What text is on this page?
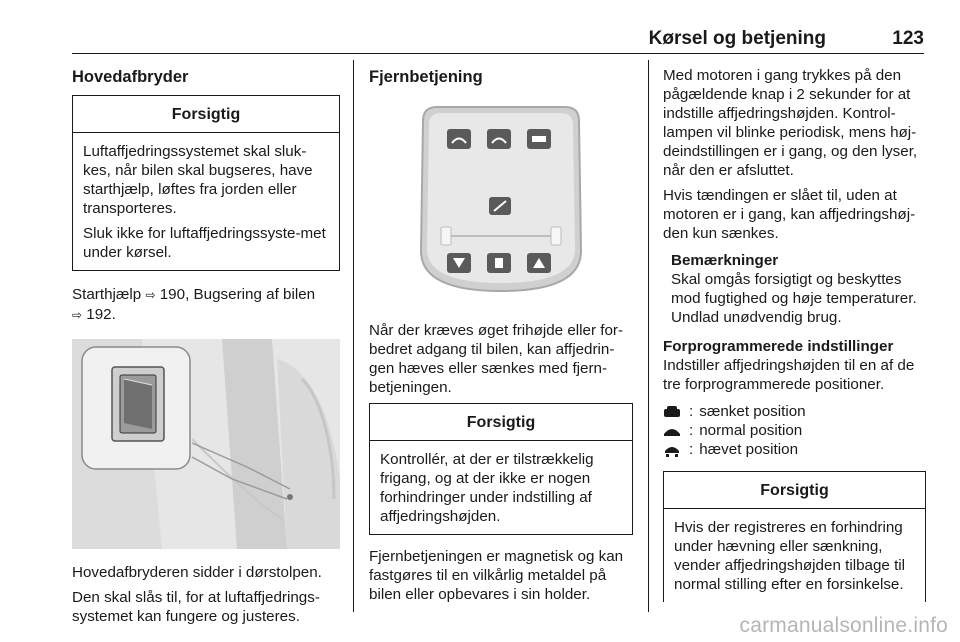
Kørsel og betjening	123
Hovedafbryder
Forsigtig

Luftaffjedringssystemet skal sluk-kes, når bilen skal bugseres, have starthjælp, løftes fra jorden eller transporteres.

Sluk ikke for luftaffjedringssyste-met under kørsel.

Starthjælp ⇨ 190, Bugsering af bilen
⇨ 192.

Hovedafbryderen sidder i dørstolpen.

Den skal slås til, for at luftaffjedrings-systemet kan fungere og justeres.

Fjernbetjening

Når der kræves øget frihøjde eller for-bedret adgang til bilen, kan affjedrin-gen hæves eller sænkes med fjern-betjeningen.

Forsigtig

Kontrollér, at der er tilstrækkelig frigang, og at der ikke er nogen forhindringer under indstilling af affjedringshøjden.

Fjernbetjeningen er magnetisk og kan fastgøres til en vilkårlig metaldel på bilen eller opbevares i sin holder.

Med motoren i gang trykkes på den pågældende knap i 2 sekunder for at indstille affjedringshøjden. Kontrol-lampen vil blinke periodisk, mens høj-deindstillingen er i gang, og den lyser, når den er afsluttet.

Hvis tændingen er slået til, uden at motoren er i gang, kan affjedringshøj-den kun sænkes.

Bemærkninger
Skal omgås forsigtigt og beskyttes mod fugtighed og høje temperaturer. Undlad unødvendig brug.
Forprogrammerede indstillinger

Indstiller affjedringshøjden til en af de tre forprogrammerede positioner.

: sænket position
: normal position
: hævet position
Forsigtig

Hvis der registreres en forhindring under hævning eller sænkning, vender affjedringshøjden tilbage til normal stilling efter en forsinkelse.

carmanualsonline.info
